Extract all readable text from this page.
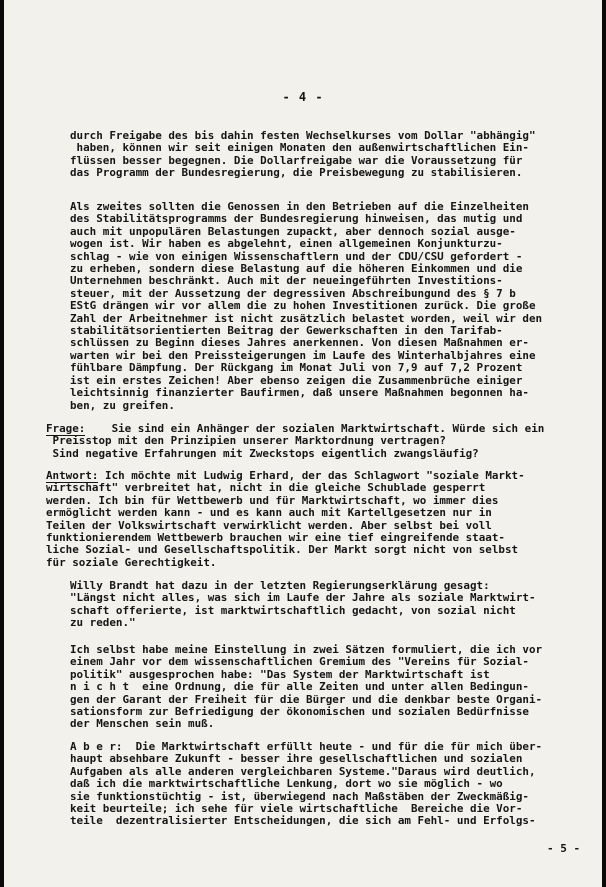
- 4 -

durch Freigabe des bis dahin festen Wechselkurses vom Dollar "abhängig"
haben, können wir seit einigen Monaten den außenwirtschaftlichen Ein-
flüssen besser begegnen. Die Dollarfreigabe war die Voraussetzung für
das Programm der Bundesregierung, die Preisbewegung zu stabilisieren.

Als zweites sollten die Genossen in den Betrieben auf die Einzelheiten
des Stabilitätsprogramms der Bundesregierung hinweisen, das mutig und
auch mit unpopulären Belastungen zupackt, aber dennoch sozial ausge-
wogen ist. Wir haben es abgelehnt, einen allgemeinen Konjunkturzu-
schlag - wie von einigen Wissenschaftlern und der CDU/CSU gefordert -
zu erheben, sondern diese Belastung auf die höheren Einkommen und die
Unternehmen beschränkt. Auch mit der neueingeführten Investitions-
steuer, mit der Aussetzung der degressiven Abschreibungund des § 7 b
EStG drängen wir vor allem die zu hohen Investitionen zurück. Die große
Zahl der Arbeitnehmer ist nicht zusätzlich belastet worden, weil wir den
stabilitätsorientierten Beitrag der Gewerkschaften in den Tarifab-
schlüssen zu Beginn dieses Jahres anerkennen. Von diesen Maßnahmen er-
warten wir bei den Preissteigerungen im Laufe des Winterhalbjahres eine
fühlbare Dämpfung. Der Rückgang im Monat Juli von 7,9 auf 7,2 Prozent
ist ein erstes Zeichen! Aber ebenso zeigen die Zusammenbrüche einiger
leichtsinnig finanzierter Baufirmen, daß unsere Maßnahmen begonnen ha-
ben, zu greifen.

Frage:    Sie sind ein Anhänger der sozialen Marktwirtschaft. Würde sich ein
Preisstop mit den Prinzipien unserer Marktordnung vertragen?
Sind negative Erfahrungen mit Zweckstops eigentlich zwangsläufig?
Antwort: Ich möchte mit Ludwig Erhard, der das Schlagwort "soziale Markt-
wirtschaft" verbreitet hat, nicht in die gleiche Schublade gesperrt
werden. Ich bin für Wettbewerb und für Marktwirtschaft, wo immer dies
ermöglicht werden kann - und es kann auch mit Kartellgesetzen nur in
Teilen der Volkswirtschaft verwirklicht werden. Aber selbst bei voll
funktionierendem Wettbewerb brauchen wir eine tief eingreifende staat-
liche Sozial- und Gesellschaftspolitik. Der Markt sorgt nicht von selbst
für soziale Gerechtigkeit.

Willy Brandt hat dazu in der letzten Regierungserklärung gesagt:
"Längst nicht alles, was sich im Laufe der Jahre als soziale Marktwirt-
schaft offerierte, ist marktwirtschaftlich gedacht, von sozial nicht
zu reden."

Ich selbst habe meine Einstellung in zwei Sätzen formuliert, die ich vor
einem Jahr vor dem wissenschaftlichen Gremium des "Vereins für Sozial-
politik" ausgesprochen habe: "Das System der Marktwirtschaft ist
n i c h t  eine Ordnung, die für alle Zeiten und unter allen Bedingun-
gen der Garant der Freiheit für die Bürger und die denkbar beste Organi-
sationsform zur Befriedigung der ökonomischen und sozialen Bedürfnisse
der Menschen sein muß.

A b e r:  Die Marktwirtschaft erfüllt heute - und für die für mich über-
haupt absehbare Zukunft - besser ihre gesellschaftlichen und sozialen
Aufgaben als alle anderen vergleichbaren Systeme."Daraus wird deutlich,
daß ich die marktwirtschaftliche Lenkung, dort wo sie möglich - wo
sie funktionstüchtig - ist, überwiegend nach Maßstäben der Zweckmäßig-
keit beurteile; ich sehe für viele wirtschaftliche  Bereiche die Vor-
teile  dezentralisierter Entscheidungen, die sich am Fehl- und Erfolgs-

- 5 -
